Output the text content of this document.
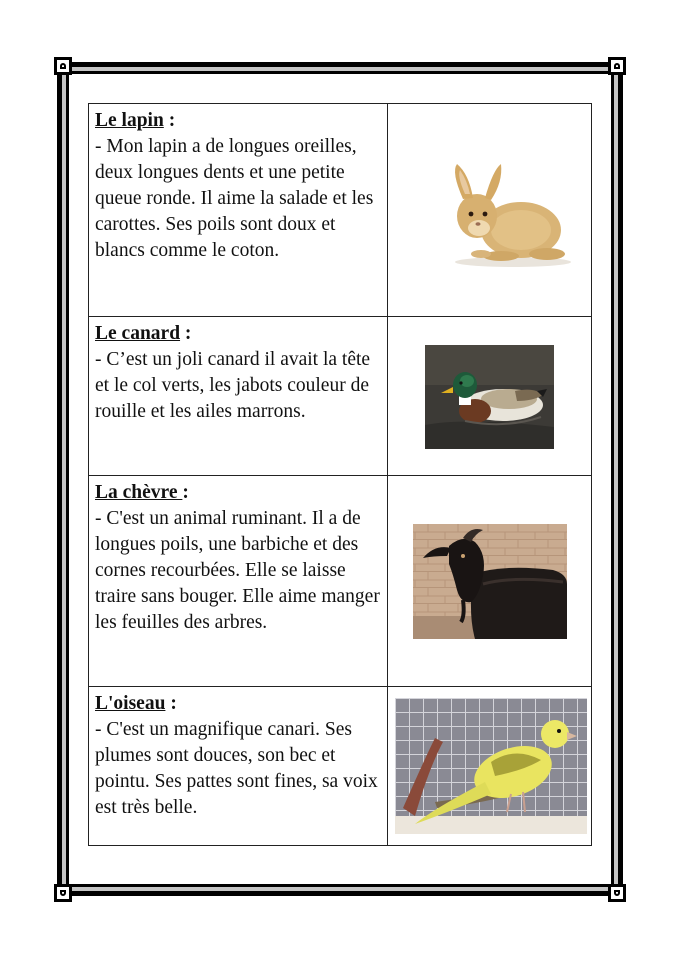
Le lapin :
- Mon lapin a de longues oreilles, deux longues dents et une petite queue ronde. Il aime la salade et les carottes. Ses poils sont doux et blancs comme le coton.

Le canard :
- C’est un joli canard il avait la tête et le col verts, les jabots couleur de rouille et les ailes marrons.

La chèvre :
- C'est un animal ruminant. Il a de longues poils, une barbiche et des cornes recourbées. Elle se laisse traire sans bouger. Elle aime manger les feuilles des arbres.

L'oiseau :
- C'est un magnifique canari. Ses plumes sont douces, son bec et pointu. Ses pattes sont fines, sa voix est très belle.
